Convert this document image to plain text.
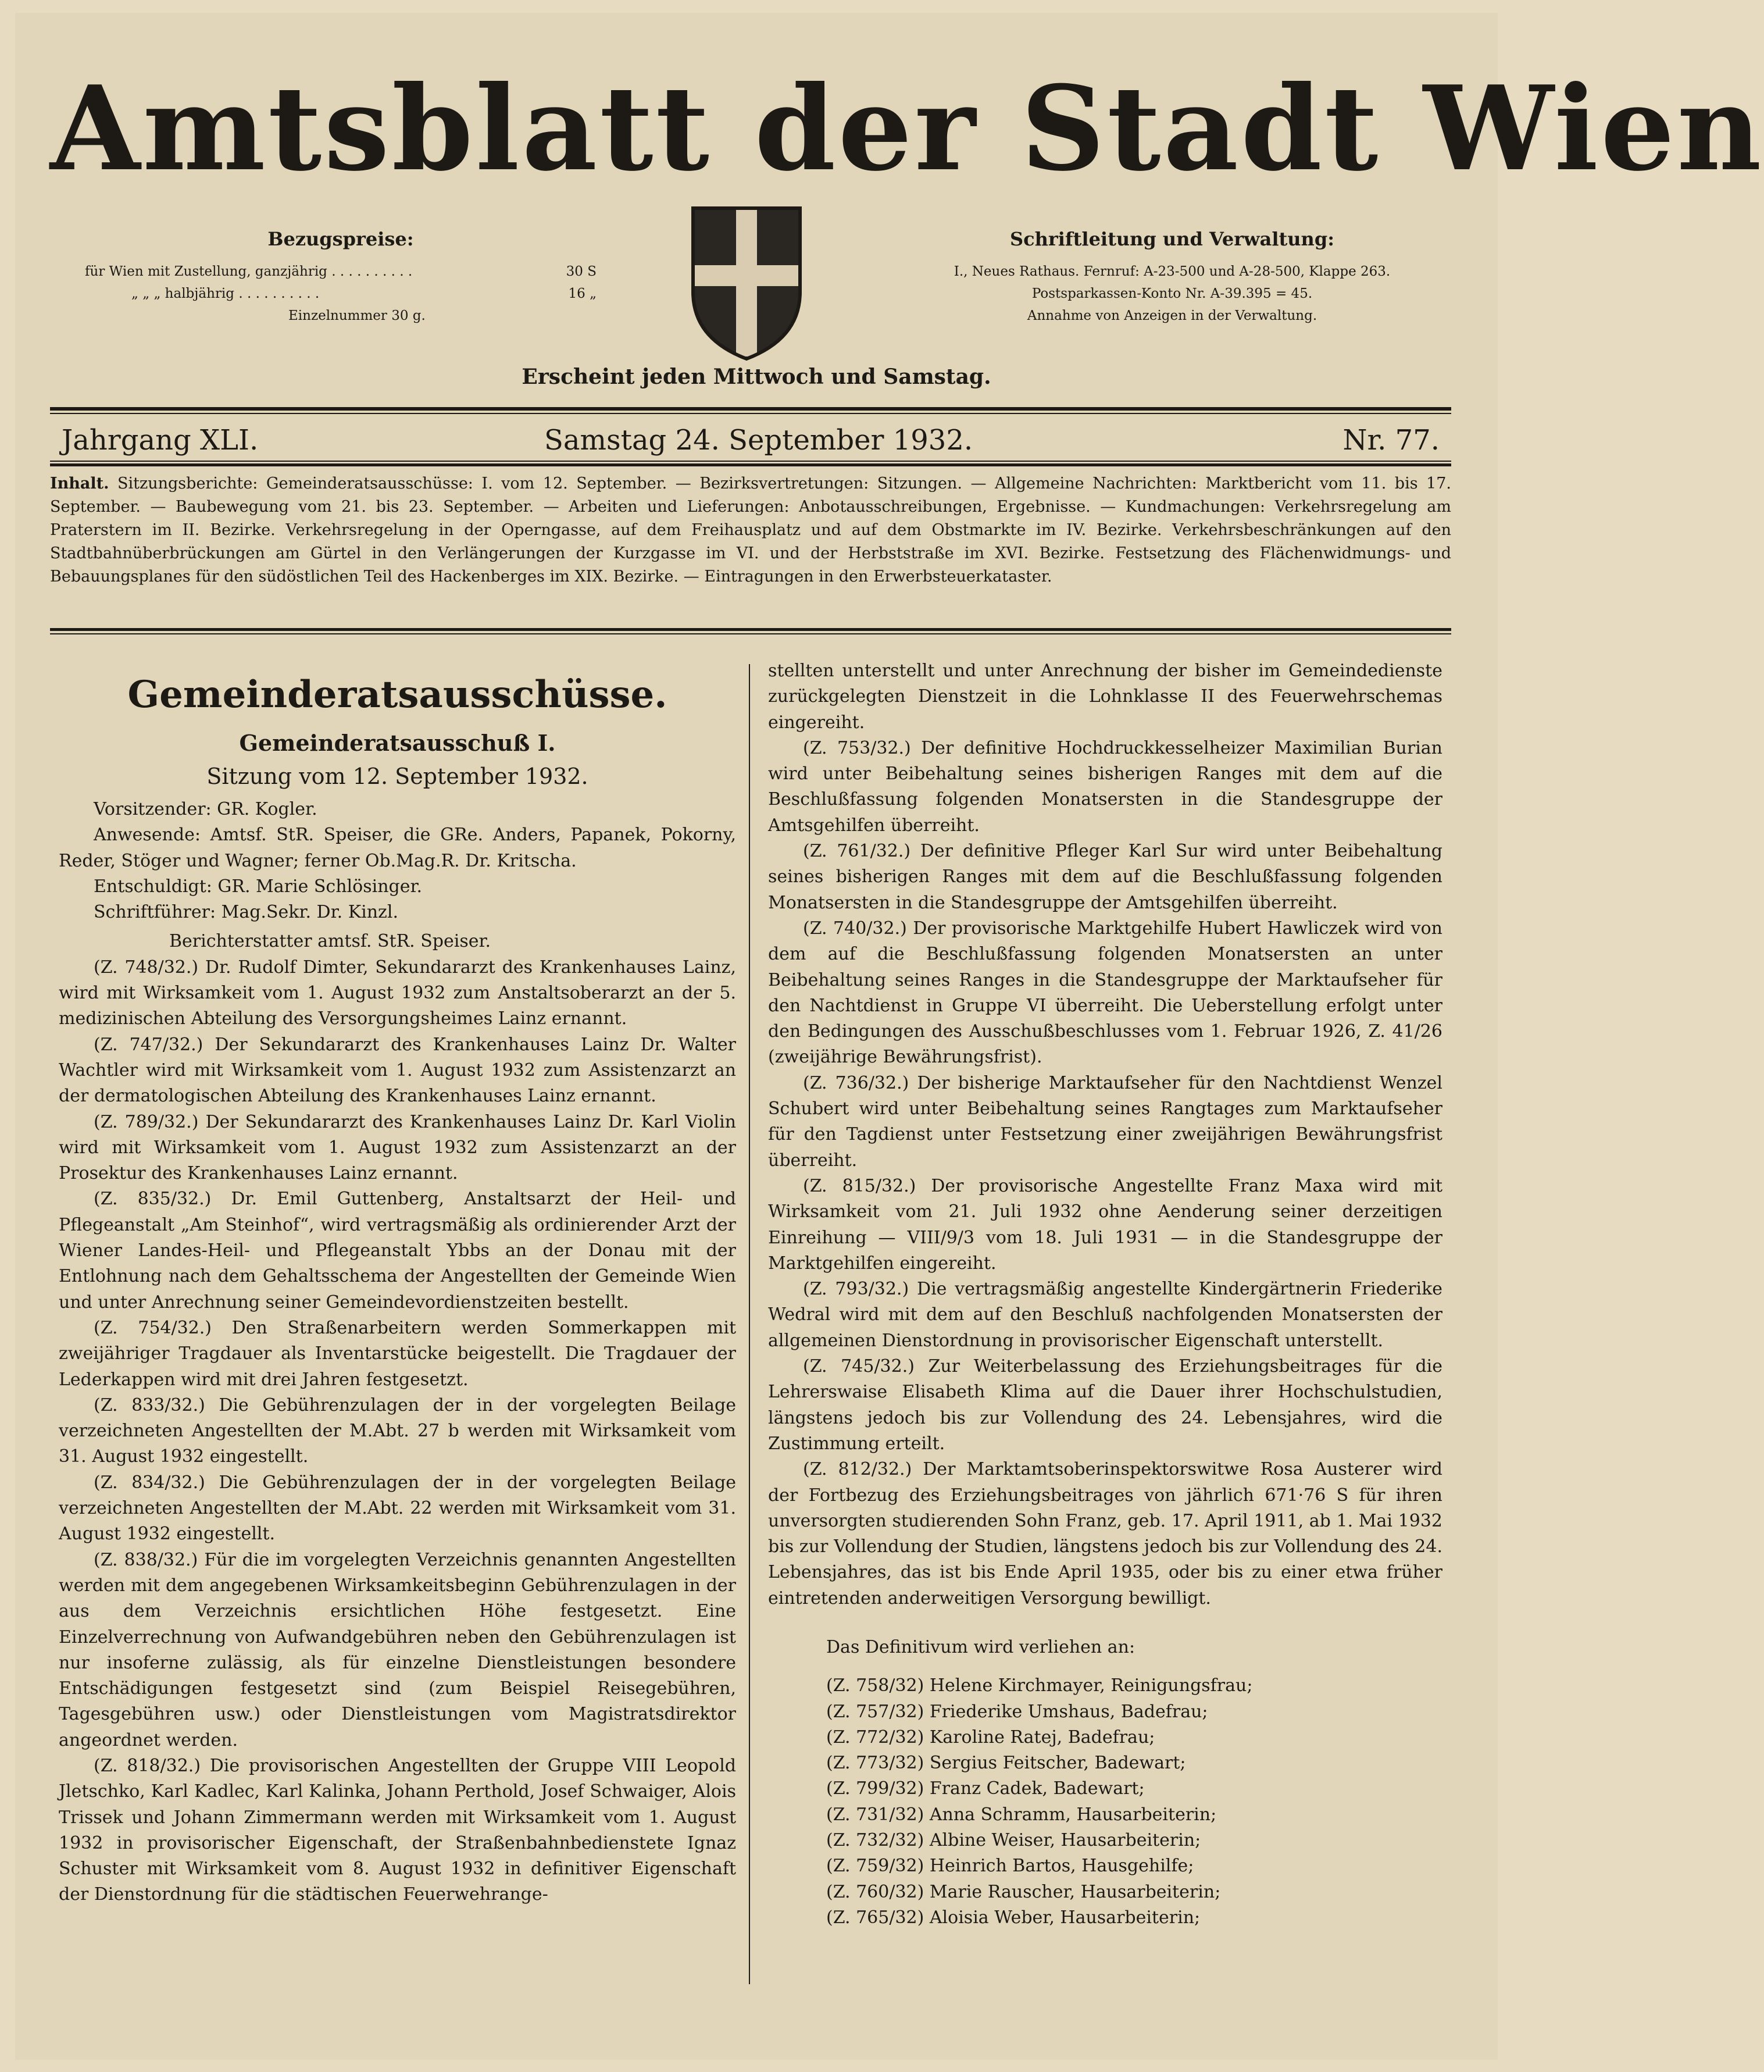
Amtsblatt der Stadt Wien
Bezugspreise:
für Wien mit Zustellung, ganzjährig . . . . . . . . . .	30 S
„ „ „ halbjährig . . . . . . . . . .	16 „
Einzelnummer 30 g.
Schriftleitung und Verwaltung:
I., Neues Rathaus. Fernruf: A-23-500 und A-28-500, Klappe 263.
Postsparkassen-Konto Nr. A-39.395 = 45.
Annahme von Anzeigen in der Verwaltung.
Erscheint jeden Mittwoch und Samstag.
Jahrgang XLI.	Samstag 24. September 1932.	Nr. 77.
Inhalt. Sitzungsberichte: Gemeinderatsausschüsse: I. vom 12. September. — Bezirksvertretungen: Sitzungen. — Allgemeine Nachrichten: Marktbericht vom 11. bis 17. September. — Baubewegung vom 21. bis 23. September. — Arbeiten und Lieferungen: Anbotausschreibungen, Ergebnisse. — Kundmachungen: Verkehrsregelung am Praterstern im II. Bezirke. Verkehrsregelung in der Operngasse, auf dem Freihausplatz und auf dem Obstmarkte im IV. Bezirke. Verkehrsbeschränkungen auf den Stadtbahnüberbrückungen am Gürtel in den Verlängerungen der Kurzgasse im VI. und der Herbststraße im XVI. Bezirke. Festsetzung des Flächenwidmungs- und Bebauungsplanes für den südöstlichen Teil des Hackenberges im XIX. Bezirke. — Eintragungen in den Erwerbsteuerkataster.
Gemeinderatsausschüsse.
Gemeinderatsausschuß I.
Sitzung vom 12. September 1932.

Vorsitzender: GR. Kogler.

Anwesende: Amtsf. StR. Speiser, die GRe. Anders, Papanek, Pokorny, Reder, Stöger und Wagner; ferner Ob.Mag.R. Dr. Kritscha.

Entschuldigt: GR. Marie Schlösinger.

Schriftführer: Mag.Sekr. Dr. Kinzl.

Berichterstatter amtsf. StR. Speiser.

(Z. 748/32.) Dr. Rudolf Dimter, Sekundararzt des Krankenhauses Lainz, wird mit Wirksamkeit vom 1. August 1932 zum Anstaltsoberarzt an der 5. medizinischen Abteilung des Versorgungsheimes Lainz ernannt.

(Z. 747/32.) Der Sekundararzt des Krankenhauses Lainz Dr. Walter Wachtler wird mit Wirksamkeit vom 1. August 1932 zum Assistenzarzt an der dermatologischen Abteilung des Krankenhauses Lainz ernannt.

(Z. 789/32.) Der Sekundararzt des Krankenhauses Lainz Dr. Karl Violin wird mit Wirksamkeit vom 1. August 1932 zum Assistenzarzt an der Prosektur des Krankenhauses Lainz ernannt.

(Z. 835/32.) Dr. Emil Guttenberg, Anstaltsarzt der Heil- und Pflegeanstalt „Am Steinhof“, wird vertragsmäßig als ordinierender Arzt der Wiener Landes-Heil- und Pflegeanstalt Ybbs an der Donau mit der Entlohnung nach dem Gehaltsschema der Angestellten der Gemeinde Wien und unter Anrechnung seiner Gemeindevordienstzeiten bestellt.

(Z. 754/32.) Den Straßenarbeitern werden Sommerkappen mit zweijähriger Tragdauer als Inventarstücke beigestellt. Die Tragdauer der Lederkappen wird mit drei Jahren festgesetzt.

(Z. 833/32.) Die Gebührenzulagen der in der vorgelegten Beilage verzeichneten Angestellten der M.Abt. 27 b werden mit Wirksamkeit vom 31. August 1932 eingestellt.

(Z. 834/32.) Die Gebührenzulagen der in der vorgelegten Beilage verzeichneten Angestellten der M.Abt. 22 werden mit Wirksamkeit vom 31. August 1932 eingestellt.

(Z. 838/32.) Für die im vorgelegten Verzeichnis genannten Angestellten werden mit dem angegebenen Wirksamkeitsbeginn Gebührenzulagen in der aus dem Verzeichnis ersichtlichen Höhe festgesetzt. Eine Einzelverrechnung von Aufwandgebühren neben den Gebührenzulagen ist nur insoferne zulässig, als für einzelne Dienstleistungen besondere Entschädigungen festgesetzt sind (zum Beispiel Reisegebühren, Tagesgebühren usw.) oder Dienstleistungen vom Magistratsdirektor angeordnet werden.

(Z. 818/32.) Die provisorischen Angestellten der Gruppe VIII Leopold Jletschko, Karl Kadlec, Karl Kalinka, Johann Perthold, Josef Schwaiger, Alois Trissek und Johann Zimmermann werden mit Wirksamkeit vom 1. August 1932 in provisorischer Eigenschaft, der Straßenbahnbedienstete Ignaz Schuster mit Wirksamkeit vom 8. August 1932 in definitiver Eigenschaft der Dienstordnung für die städtischen Feuerwehrange-

stellten unterstellt und unter Anrechnung der bisher im Gemeindedienste zurückgelegten Dienstzeit in die Lohnklasse II des Feuerwehrschemas eingereiht.

(Z. 753/32.) Der definitive Hochdruckkesselheizer Maximilian Burian wird unter Beibehaltung seines bisherigen Ranges mit dem auf die Beschlußfassung folgenden Monatsersten in die Standesgruppe der Amtsgehilfen überreiht.

(Z. 761/32.) Der definitive Pfleger Karl Sur wird unter Beibehaltung seines bisherigen Ranges mit dem auf die Beschlußfassung folgenden Monatsersten in die Standesgruppe der Amtsgehilfen überreiht.

(Z. 740/32.) Der provisorische Marktgehilfe Hubert Hawliczek wird von dem auf die Beschlußfassung folgenden Monatsersten an unter Beibehaltung seines Ranges in die Standesgruppe der Marktaufseher für den Nachtdienst in Gruppe VI überreiht. Die Ueberstellung erfolgt unter den Bedingungen des Ausschußbeschlusses vom 1. Februar 1926, Z. 41/26 (zweijährige Bewährungsfrist).

(Z. 736/32.) Der bisherige Marktaufseher für den Nachtdienst Wenzel Schubert wird unter Beibehaltung seines Rangtages zum Marktaufseher für den Tagdienst unter Festsetzung einer zweijährigen Bewährungsfrist überreiht.

(Z. 815/32.) Der provisorische Angestellte Franz Maxa wird mit Wirksamkeit vom 21. Juli 1932 ohne Aenderung seiner derzeitigen Einreihung — VIII/9/3 vom 18. Juli 1931 — in die Standesgruppe der Marktgehilfen eingereiht.

(Z. 793/32.) Die vertragsmäßig angestellte Kindergärtnerin Friederike Wedral wird mit dem auf den Beschluß nachfolgenden Monatsersten der allgemeinen Dienstordnung in provisorischer Eigenschaft unterstellt.

(Z. 745/32.) Zur Weiterbelassung des Erziehungsbeitrages für die Lehrerswaise Elisabeth Klima auf die Dauer ihrer Hochschulstudien, längstens jedoch bis zur Vollendung des 24. Lebensjahres, wird die Zustimmung erteilt.

(Z. 812/32.) Der Marktamtsoberinspektorswitwe Rosa Austerer wird der Fortbezug des Erziehungsbeitrages von jährlich 671·76 S für ihren unversorgten studierenden Sohn Franz, geb. 17. April 1911, ab 1. Mai 1932 bis zur Vollendung der Studien, längstens jedoch bis zur Vollendung des 24. Lebensjahres, das ist bis Ende April 1935, oder bis zu einer etwa früher eintretenden anderweitigen Versorgung bewilligt.

Das Definitivum wird verliehen an:

(Z. 758/32) Helene Kirchmayer, Reinigungsfrau;
(Z. 757/32) Friederike Umshaus, Badefrau;
(Z. 772/32) Karoline Ratej, Badefrau;
(Z. 773/32) Sergius Feitscher, Badewart;
(Z. 799/32) Franz Cadek, Badewart;
(Z. 731/32) Anna Schramm, Hausarbeiterin;
(Z. 732/32) Albine Weiser, Hausarbeiterin;
(Z. 759/32) Heinrich Bartos, Hausgehilfe;
(Z. 760/32) Marie Rauscher, Hausarbeiterin;
(Z. 765/32) Aloisia Weber, Hausarbeiterin;
